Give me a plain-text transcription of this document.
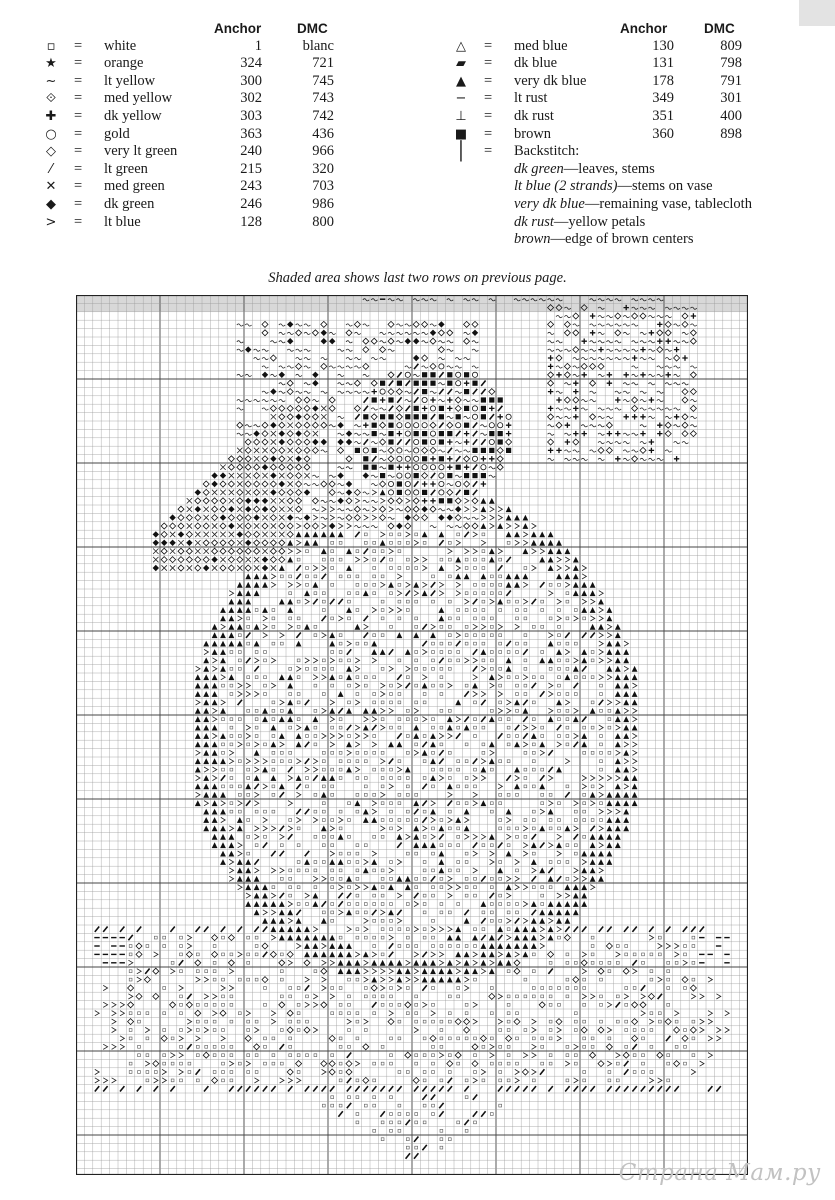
Anchor	DMC
▫	= white	1	blanc
★ = orange	324	721
~ = lt yellow	300	745
⟐ = med yellow	302	743
✚ = dk yellow	303	742
○ = gold	363	436
◇ = very lt green	240	966
⁄	= lt green	215	320
✕ = med green	243	703
◆ = dk green	246	986
> = lt blue	128	800
Anchor	DMC
△ = med blue	130	809
▰ = dk blue	131	798
▲ = very dk blue	178	791
− = lt rust	349	301
⊥ = dk rust	351	400
■ = brown	360	898
│ = Backstitch:
dk green—leaves, stems
lt blue (2 strands)—stems on vase
very dk blue—remaining vase, tablecloth
dk rust—yellow petals
brown—edge of brown centers
Shaded area shows last two rows on previous page.
Страна Мам.ру
